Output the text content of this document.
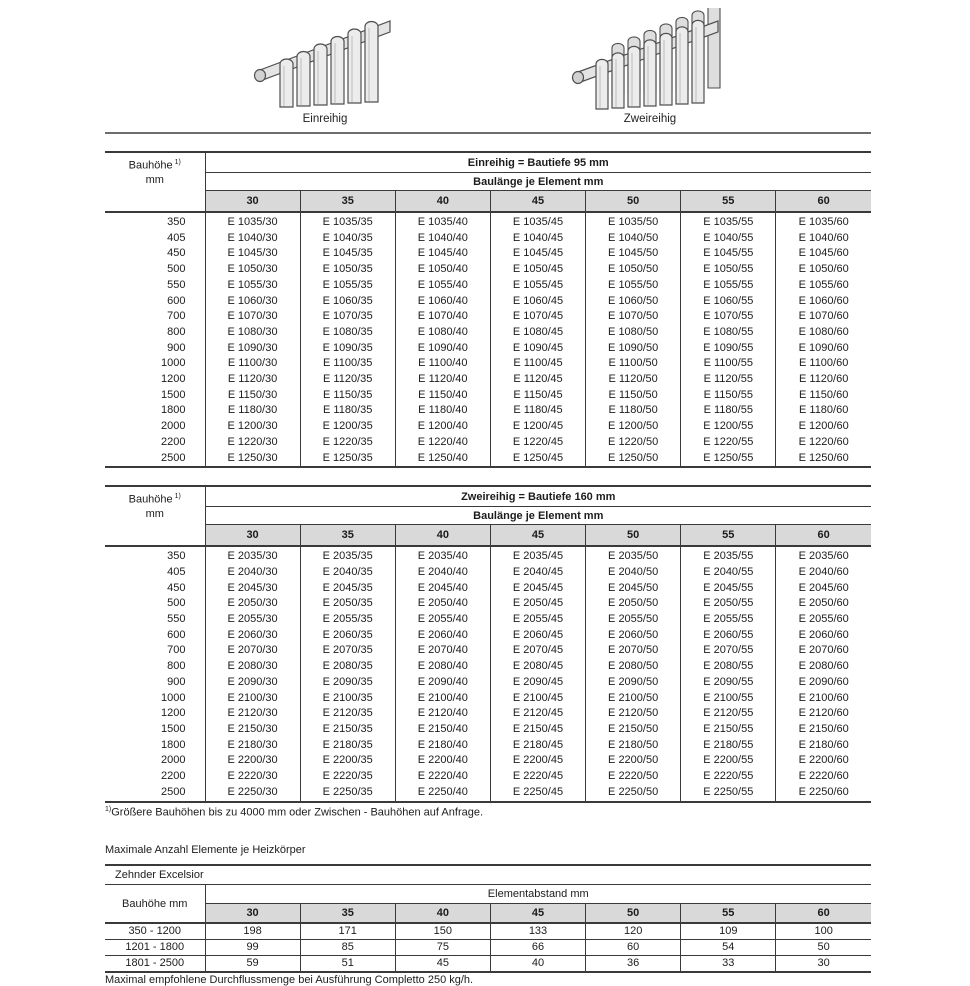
Einreihig	Zweireihig
Bauhöhe $^{1)}$
mm	Einreihig = Bautiefe 95 mm						
	Baulänge je Element mm						
	30	35	40	45	50	55	60
350	E 1035/30	E 1035/35	E 1035/40	E 1035/45	E 1035/50	E 1035/55	E 1035/60
405	E 1040/30	E 1040/35	E 1040/40	E 1040/45	E 1040/50	E 1040/55	E 1040/60
450	E 1045/30	E 1045/35	E 1045/40	E 1045/45	E 1045/50	E 1045/55	E 1045/60
500	E 1050/30	E 1050/35	E 1050/40	E 1050/45	E 1050/50	E 1050/55	E 1050/60
550	E 1055/30	E 1055/35	E 1055/40	E 1055/45	E 1055/50	E 1055/55	E 1055/60
600	E 1060/30	E 1060/35	E 1060/40	E 1060/45	E 1060/50	E 1060/55	E 1060/60
700	E 1070/30	E 1070/35	E 1070/40	E 1070/45	E 1070/50	E 1070/55	E 1070/60
800	E 1080/30	E 1080/35	E 1080/40	E 1080/45	E 1080/50	E 1080/55	E 1080/60
900	E 1090/30	E 1090/35	E 1090/40	E 1090/45	E 1090/50	E 1090/55	E 1090/60
1000	E 1100/30	E 1100/35	E 1100/40	E 1100/45	E 1100/50	E 1100/55	E 1100/60
1200	E 1120/30	E 1120/35	E 1120/40	E 1120/45	E 1120/50	E 1120/55	E 1120/60
1500	E 1150/30	E 1150/35	E 1150/40	E 1150/45	E 1150/50	E 1150/55	E 1150/60
1800	E 1180/30	E 1180/35	E 1180/40	E 1180/45	E 1180/50	E 1180/55	E 1180/60
2000	E 1200/30	E 1200/35	E 1200/40	E 1200/45	E 1200/50	E 1200/55	E 1200/60
2200	E 1220/30	E 1220/35	E 1220/40	E 1220/45	E 1220/50	E 1220/55	E 1220/60
2500	E 1250/30	E 1250/35	E 1250/40	E 1250/45	E 1250/50	E 1250/55	E 1250/60
Bauhöhe $^{1)}$
mm	Zweireihig = Bautiefe 160 mm						
	Baulänge je Element mm						
	30	35	40	45	50	55	60
350	E 2035/30	E 2035/35	E 2035/40	E 2035/45	E 2035/50	E 2035/55	E 2035/60
405	E 2040/30	E 2040/35	E 2040/40	E 2040/45	E 2040/50	E 2040/55	E 2040/60
450	E 2045/30	E 2045/35	E 2045/40	E 2045/45	E 2045/50	E 2045/55	E 2045/60
500	E 2050/30	E 2050/35	E 2050/40	E 2050/45	E 2050/50	E 2050/55	E 2050/60
550	E 2055/30	E 2055/35	E 2055/40	E 2055/45	E 2055/50	E 2055/55	E 2055/60
600	E 2060/30	E 2060/35	E 2060/40	E 2060/45	E 2060/50	E 2060/55	E 2060/60
700	E 2070/30	E 2070/35	E 2070/40	E 2070/45	E 2070/50	E 2070/55	E 2070/60
800	E 2080/30	E 2080/35	E 2080/40	E 2080/45	E 2080/50	E 2080/55	E 2080/60
900	E 2090/30	E 2090/35	E 2090/40	E 2090/45	E 2090/50	E 2090/55	E 2090/60
1000	E 2100/30	E 2100/35	E 2100/40	E 2100/45	E 2100/50	E 2100/55	E 2100/60
1200	E 2120/30	E 2120/35	E 2120/40	E 2120/45	E 2120/50	E 2120/55	E 2120/60
1500	E 2150/30	E 2150/35	E 2150/40	E 2150/45	E 2150/50	E 2150/55	E 2150/60
1800	E 2180/30	E 2180/35	E 2180/40	E 2180/45	E 2180/50	E 2180/55	E 2180/60
2000	E 2200/30	E 2200/35	E 2200/40	E 2200/45	E 2200/50	E 2200/55	E 2200/60
2200	E 2220/30	E 2220/35	E 2220/40	E 2220/45	E 2220/50	E 2220/55	E 2220/60
2500	E 2250/30	E 2250/35	E 2250/40	E 2250/45	E 2250/50	E 2250/55	E 2250/60

$^{1)}$Größere Bauhöhen bis zu 4000 mm oder Zwischen - Bauhöhen auf Anfrage.

Maximale Anzahl Elemente je Heizkörper

Zehnder Excelsior							
Bauhöhe mm	Elementabstand mm						
	30	35	40	45	50	55	60
350 - 1200	198	171	150	133	120	109	100
1201 - 1800	99	85	75	66	60	54	50
1801 - 2500	59	51	45	40	36	33	30

Maximal empfohlene Durchflussmenge bei Ausführung Completto 250 kg/h.
